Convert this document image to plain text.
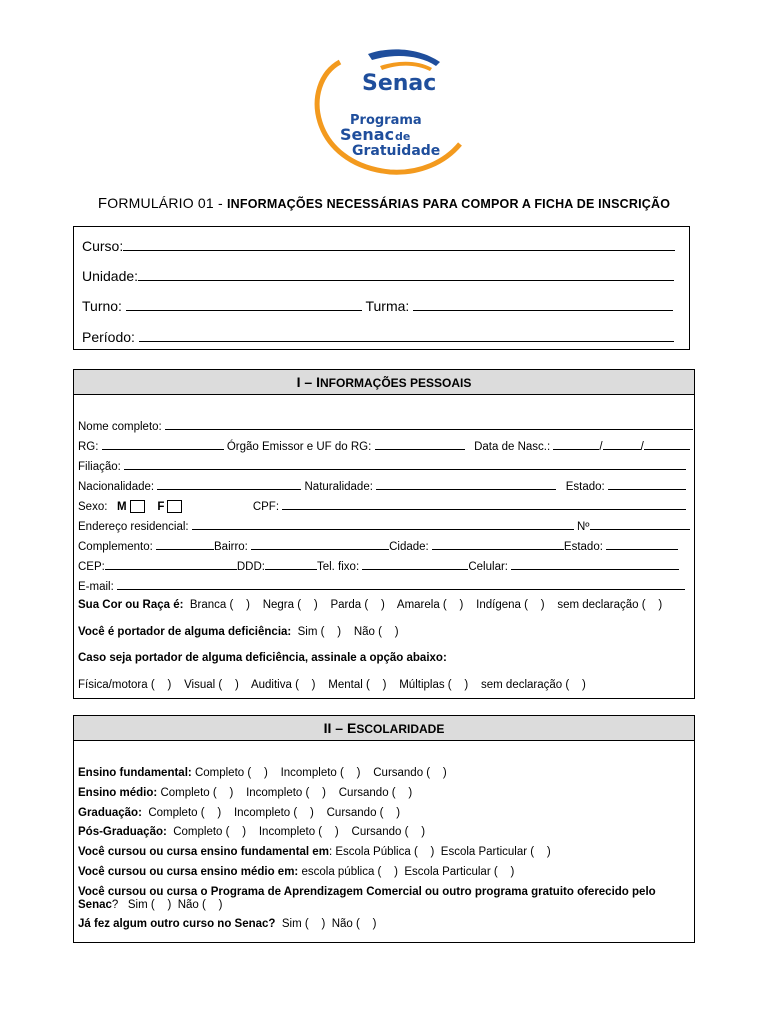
Senac
Programa
Senac de
Gratuidade
FORMULÁRIO 01 - INFORMAÇÕES NECESSÁRIAS PARA COMPOR A FICHA DE INSCRIÇÃO
Curso:
Unidade:
Turno:	Turma:
Período:
I – INFORMAÇÕES PESSOAIS
Nome completo:
RG:	Órgão Emissor e UF do RG:	Data de Nasc.:	/	/
Filiação:
Nacionalidade:	Naturalidade:	Estado:
Sexo: M	F	CPF:
Endereço residencial:	Nº
Complemento:	Bairro:	Cidade:	Estado:
CEP:	DDD:	Tel. fixo:	Celular:
E-mail:
Sua Cor ou Raça é: Branca (    )    Negra (    )    Parda (    )    Amarela (    )    Indígena (    )    sem declaração (    )
Você é portador de alguma deficiência: Sim (    )    Não (    )
Caso seja portador de alguma deficiência, assinale a opção abaixo:
Física/motora (    )    Visual (    )    Auditiva (    )    Mental (    )    Múltiplas (    )    sem declaração (    )
II – ESCOLARIDADE
Ensino fundamental: Completo (    )    Incompleto (    )    Cursando (    )
Ensino médio: Completo (    )    Incompleto (    )    Cursando (    )
Graduação: Completo (    )    Incompleto (    )    Cursando (    )
Pós-Graduação: Completo (    )    Incompleto (    )    Cursando (    )
Você cursou ou cursa ensino fundamental em: Escola Pública (    )  Escola Particular (    )
Você cursou ou cursa ensino médio em: escola pública (    )  Escola Particular (    )
Você cursou ou cursa o Programa de Aprendizagem Comercial ou outro programa gratuito oferecido pelo
Senac?   Sim (    )  Não (    )
Já fez algum outro curso no Senac? Sim (    )  Não (    )
